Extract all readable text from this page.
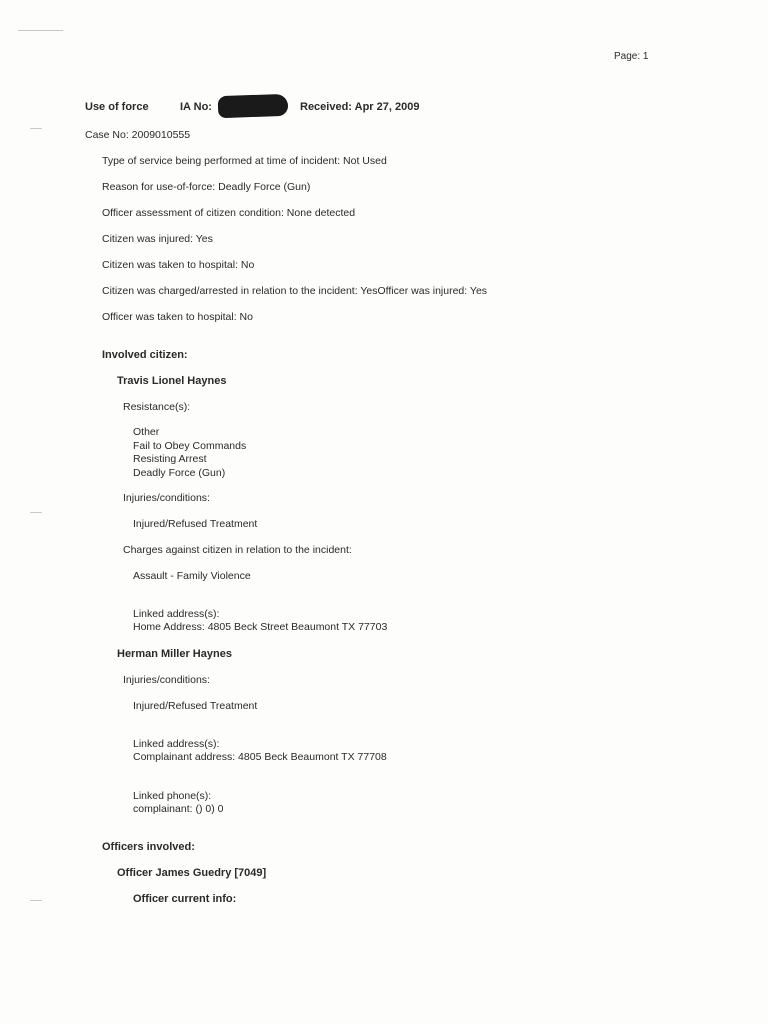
Page: 1
Use of force	IA No:	Received: Apr 27, 2009
Case No: 2009010555
Type of service being performed at time of incident: Not Used
Reason for use-of-force: Deadly Force (Gun)
Officer assessment of citizen condition: None detected
Citizen was injured: Yes
Citizen was taken to hospital: No
Citizen was charged/arrested in relation to the incident: YesOfficer was injured: Yes
Officer was taken to hospital: No
Involved citizen:
Travis Lionel Haynes
Resistance(s):
Other
Fail to Obey Commands
Resisting Arrest
Deadly Force (Gun)
Injuries/conditions:
Injured/Refused Treatment
Charges against citizen in relation to the incident:
Assault - Family Violence
Linked address(s):
Home Address: 4805 Beck Street Beaumont TX 77703
Herman Miller Haynes
Injuries/conditions:
Injured/Refused Treatment
Linked address(s):
Complainant address: 4805 Beck Beaumont TX 77708
Linked phone(s):
complainant: () 0) 0
Officers involved:
Officer James Guedry [7049]
Officer current info:
